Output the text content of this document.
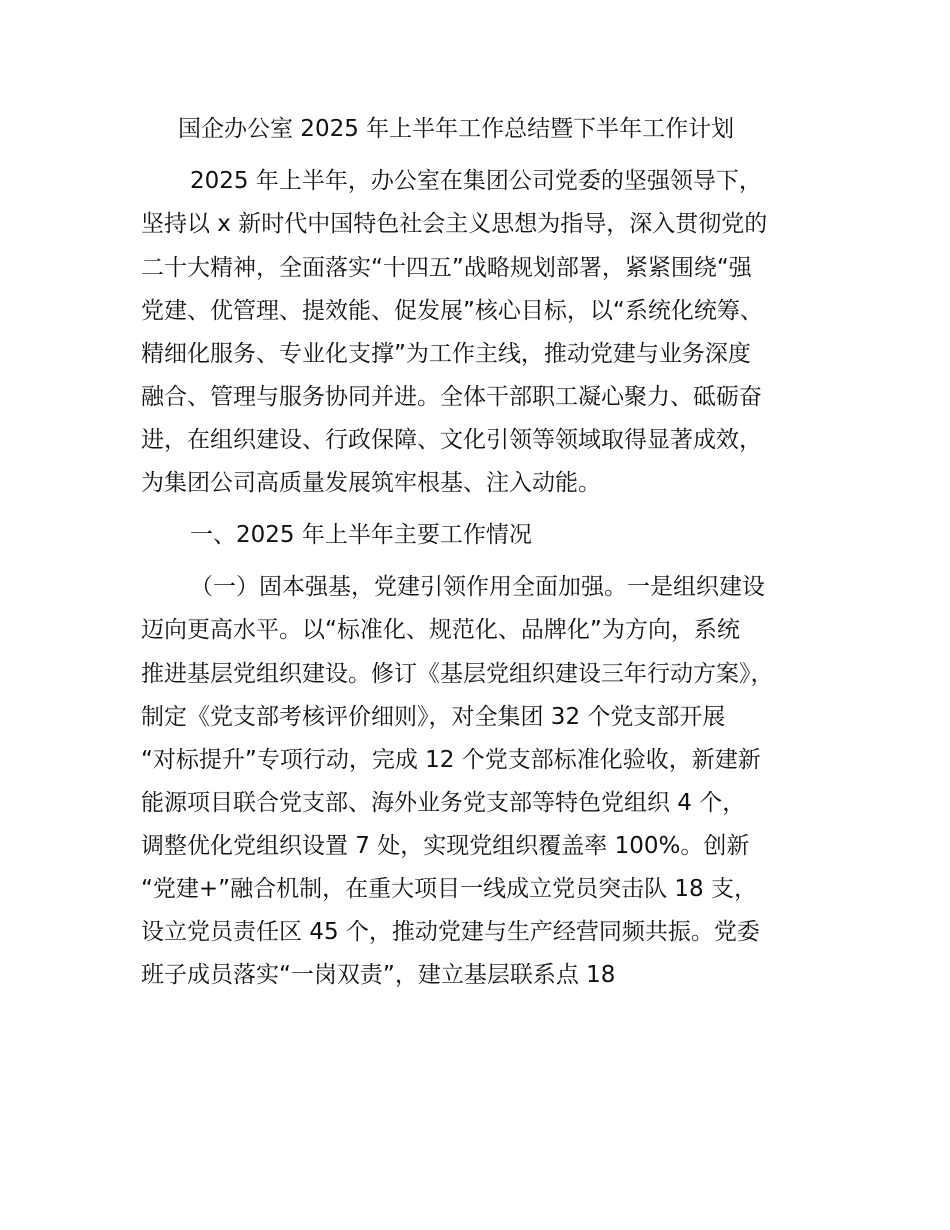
国企办公室 2025 年上半年工作总结暨下半年工作计划

2025 年上半年，办公室在集团公司党委的坚强领导下，

坚持以 x 新时代中国特色社会主义思想为指导，深入贯彻党的

二十大精神，全面落实“十四五”战略规划部署，紧紧围绕“强

党建、优管理、提效能、促发展”核心目标，以“系统化统筹、

精细化服务、专业化支撑”为工作主线，推动党建与业务深度

融合、管理与服务协同并进。全体干部职工凝心聚力、砥砺奋

进，在组织建设、行政保障、文化引领等领域取得显著成效，

为集团公司高质量发展筑牢根基、注入动能。

一、2025 年上半年主要工作情况

（一）固本强基，党建引领作用全面加强。一是组织建设

迈向更高水平。以“标准化、规范化、品牌化”为方向，系统

推进基层党组织建设。修订《基层党组织建设三年行动方案》，

制定《党支部考核评价细则》，对全集团 32 个党支部开展

“对标提升”专项行动，完成 12 个党支部标准化验收，新建新

能源项目联合党支部、海外业务党支部等特色党组织 4 个，

调整优化党组织设置 7 处，实现党组织覆盖率 100%。创新

“党建+”融合机制，在重大项目一线成立党员突击队 18 支，

设立党员责任区 45 个，推动党建与生产经营同频共振。党委

班子成员落实“一岗双责”，建立基层联系点 18
